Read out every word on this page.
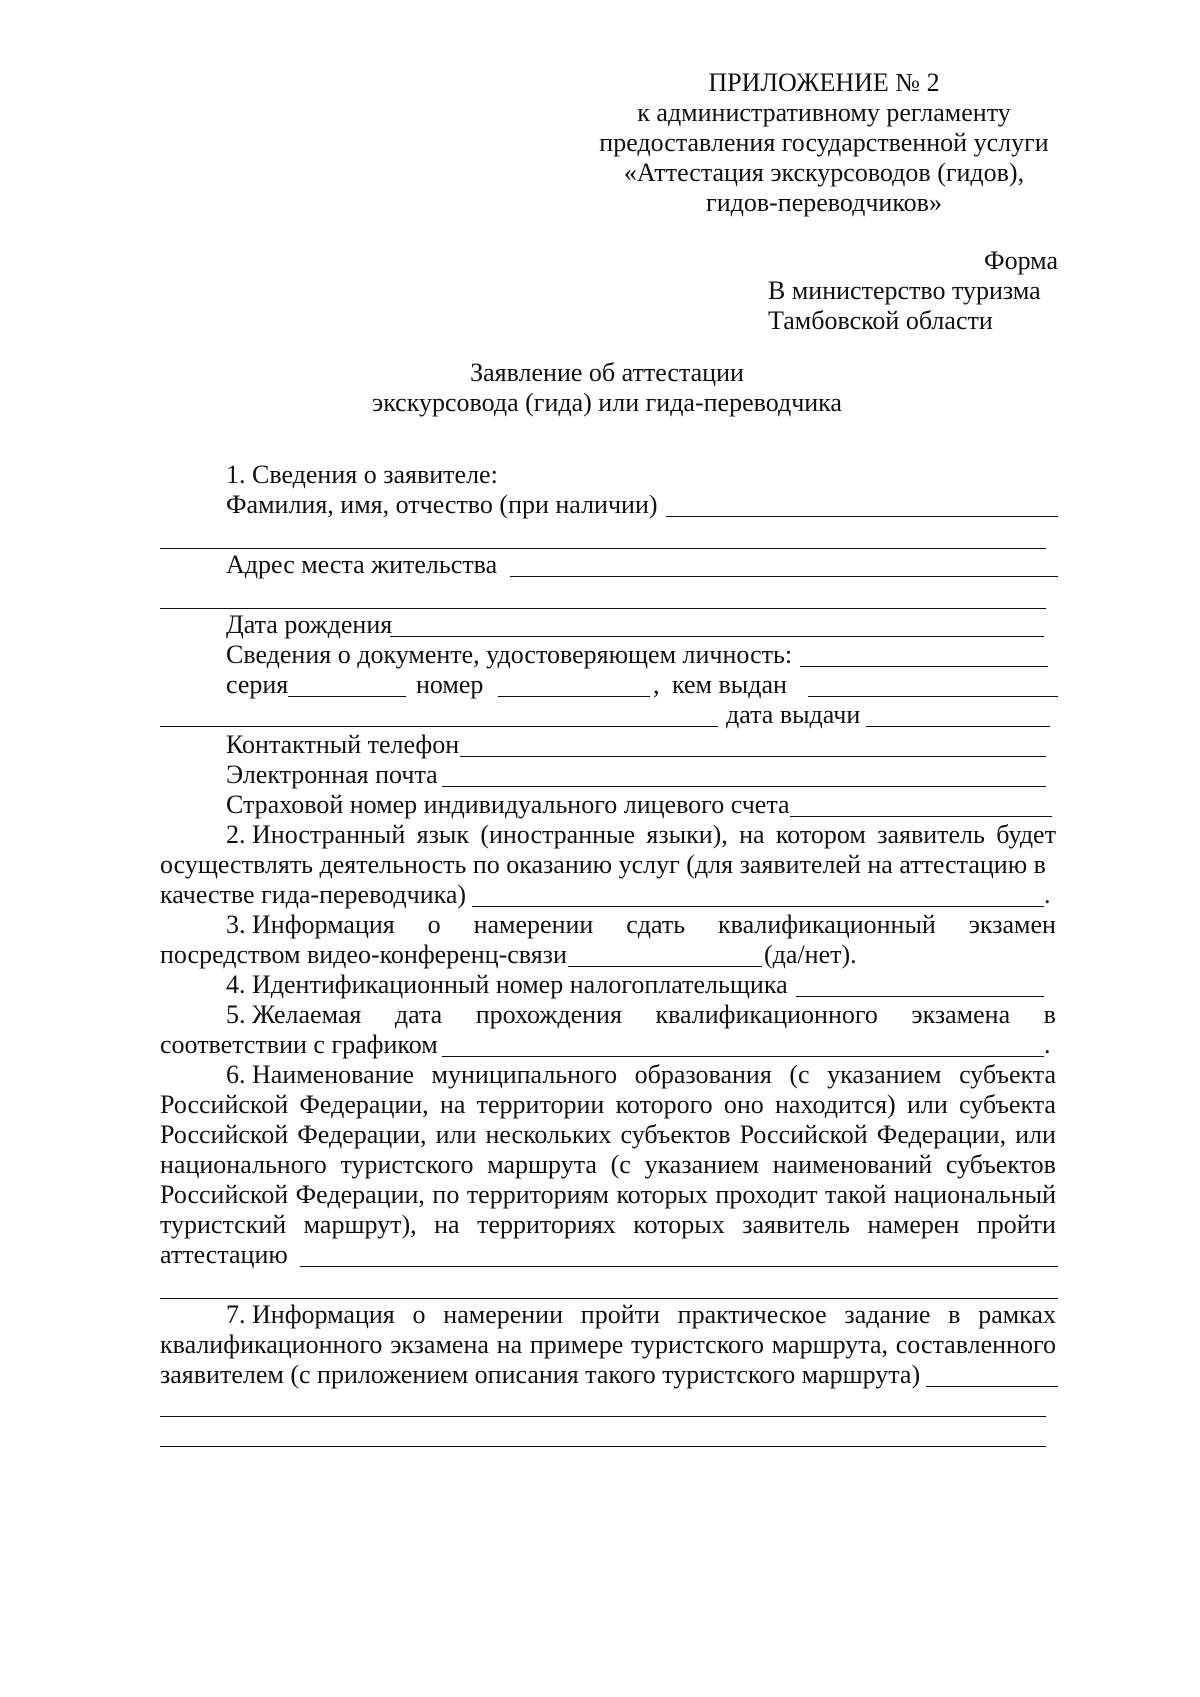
ПРИЛОЖЕНИЕ № 2
к административному регламенту
предоставления государственной услуги
«Аттестация экскурсоводов (гидов),
гидов-переводчиков»
Форма
В министерство туризма
Тамбовской области
Заявление об аттестации
экскурсовода (гида) или гида-переводчика
1. Сведения о заявителе:
Фамилия, имя, отчество (при наличии)
Адрес места жительства
Дата рождения
Сведения о документе, удостоверяющем личность:
серия	номер	, кем выдан
дата выдачи
Контактный телефон
Электронная почта
Страховой номер индивидуального лицевого счета
2. Иностранный язык (иностранные языки), на котором заявитель будет
осуществлять деятельность по оказанию услуг (для заявителей на аттестацию в
качестве гида-переводчика)	.
3. Информация о намерении сдать квалификационный экзамен
посредством видео-конференц-связи	(да/нет).
4. Идентификационный номер налогоплательщика
5. Желаемая дата прохождения квалификационного экзамена в
соответствии с графиком	.
6. Наименование муниципального образования (с указанием субъекта
Российской Федерации, на территории которого оно находится) или субъекта
Российской Федерации, или нескольких субъектов Российской Федерации, или
национального туристского маршрута (с указанием наименований субъектов
Российской Федерации, по территориям которых проходит такой национальный
туристский маршрут), на территориях которых заявитель намерен пройти
аттестацию
7. Информация о намерении пройти практическое задание в рамках
квалификационного экзамена на примере туристского маршрута, составленного
заявителем (с приложением описания такого туристского маршрута)
